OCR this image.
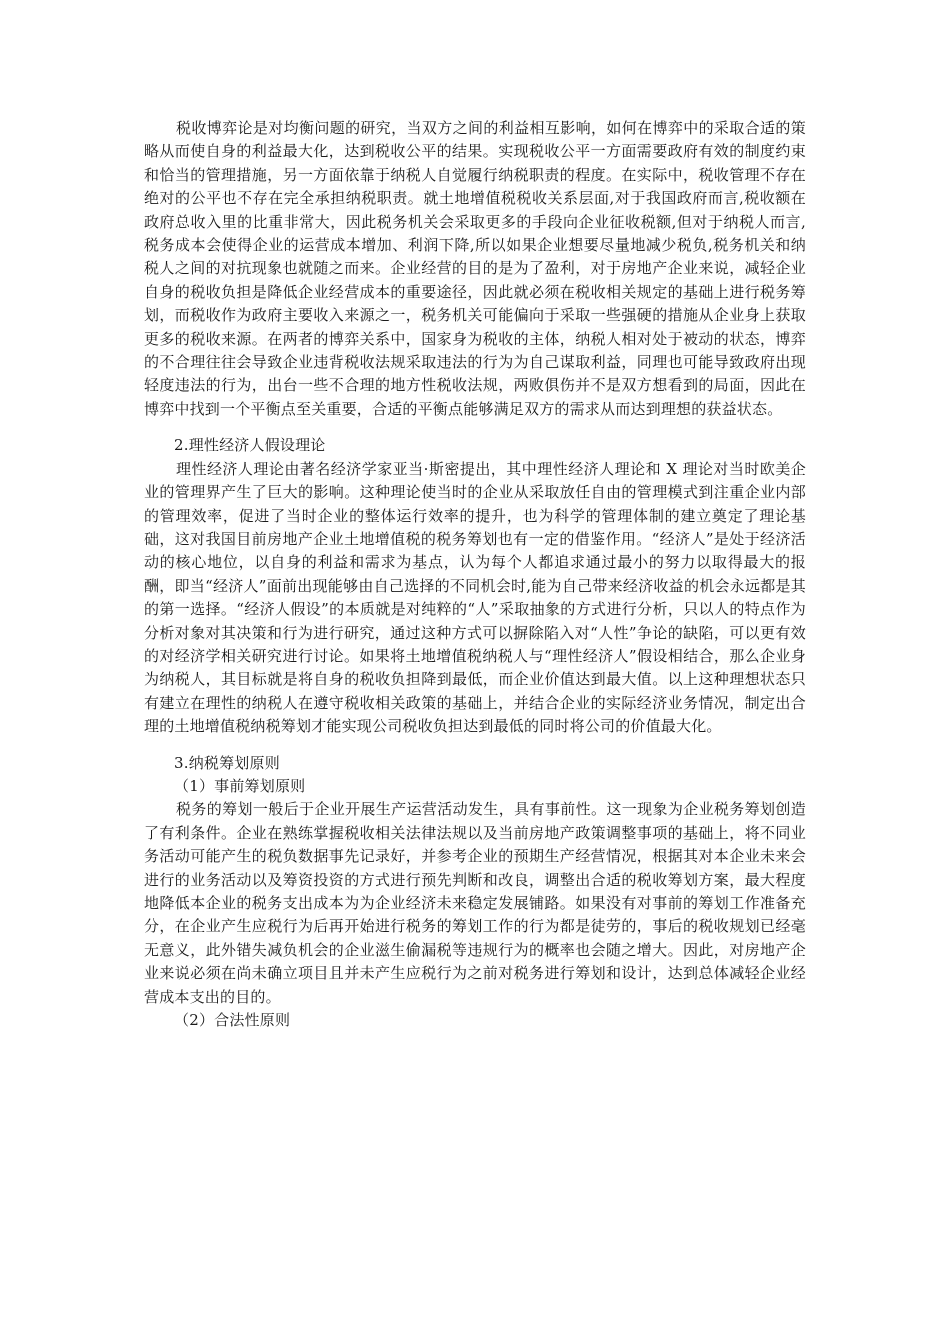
税收博弈论是对均衡问题的研究，当双方之间的利益相互影响，如何在博弈中的采取合适的策略从而使自身的利益最大化，达到税收公平的结果。实现税收公平一方面需要政府有效的制度约束和恰当的管理措施，另一方面依靠于纳税人自觉履行纳税职责的程度。在实际中，税收管理不存在绝对的公平也不存在完全承担纳税职责。就土地增值税税收关系层面,对于我国政府而言,税收额在政府总收入里的比重非常大，因此税务机关会采取更多的手段向企业征收税额,但对于纳税人而言,税务成本会使得企业的运营成本增加、利润下降,所以如果企业想要尽量地减少税负,税务机关和纳税人之间的对抗现象也就随之而来。企业经营的目的是为了盈利，对于房地产企业来说，减轻企业自身的税收负担是降低企业经营成本的重要途径，因此就必须在税收相关规定的基础上进行税务筹划，而税收作为政府主要收入来源之一，税务机关可能偏向于采取一些强硬的措施从企业身上获取更多的税收来源。在两者的博弈关系中，国家身为税收的主体，纳税人相对处于被动的状态，博弈的不合理往往会导致企业违背税收法规采取违法的行为为自己谋取利益，同理也可能导致政府出现轻度违法的行为，出台一些不合理的地方性税收法规，两败俱伤并不是双方想看到的局面，因此在博弈中找到一个平衡点至关重要，合适的平衡点能够满足双方的需求从而达到理想的获益状态。

2.理性经济人假设理论

理性经济人理论由著名经济学家亚当·斯密提出，其中理性经济人理论和 X 理论对当时欧美企业的管理界产生了巨大的影响。这种理论使当时的企业从采取放任自由的管理模式到注重企业内部的管理效率，促进了当时企业的整体运行效率的提升，也为科学的管理体制的建立奠定了理论基础，这对我国目前房地产企业土地增值税的税务筹划也有一定的借鉴作用。“经济人”是处于经济活动的核心地位，以自身的利益和需求为基点，认为每个人都追求通过最小的努力以取得最大的报酬，即当“经济人”面前出现能够由自己选择的不同机会时,能为自己带来经济收益的机会永远都是其的第一选择。“经济人假设”的本质就是对纯粹的“人”采取抽象的方式进行分析，只以人的特点作为分析对象对其决策和行为进行研究，通过这种方式可以摒除陷入对“人性”争论的缺陷，可以更有效的对经济学相关研究进行讨论。如果将土地增值税纳税人与“理性经济人”假设相结合，那么企业身为纳税人，其目标就是将自身的税收负担降到最低，而企业价值达到最大值。以上这种理想状态只有建立在理性的纳税人在遵守税收相关政策的基础上，并结合企业的实际经济业务情况，制定出合理的土地增值税纳税筹划才能实现公司税收负担达到最低的同时将公司的价值最大化。

3.纳税筹划原则

（1）事前筹划原则

税务的筹划一般后于企业开展生产运营活动发生，具有事前性。这一现象为企业税务筹划创造了有利条件。企业在熟练掌握税收相关法律法规以及当前房地产政策调整事项的基础上，将不同业务活动可能产生的税负数据事先记录好，并参考企业的预期生产经营情况，根据其对本企业未来会进行的业务活动以及筹资投资的方式进行预先判断和改良，调整出合适的税收筹划方案，最大程度地降低本企业的税务支出成本为为企业经济未来稳定发展铺路。如果没有对事前的筹划工作准备充分，在企业产生应税行为后再开始进行税务的筹划工作的行为都是徒劳的，事后的税收规划已经毫无意义，此外错失减负机会的企业滋生偷漏税等违规行为的概率也会随之增大。因此，对房地产企业来说必须在尚未确立项目且并未产生应税行为之前对税务进行筹划和设计，达到总体减轻企业经营成本支出的目的。

（2）合法性原则
